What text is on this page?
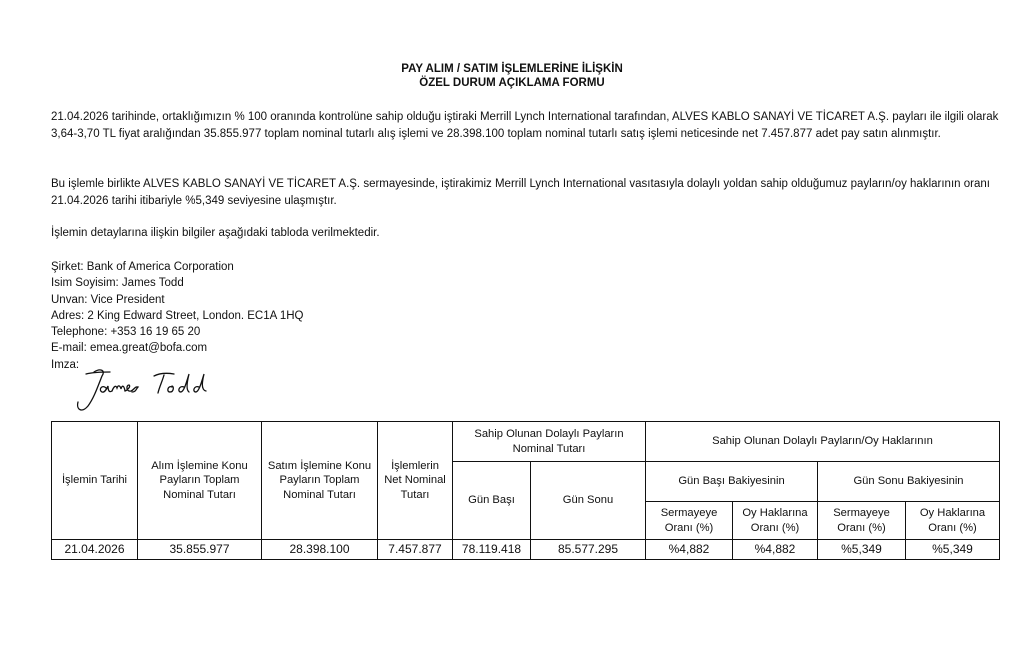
PAY ALIM / SATIM İŞLEMLERİNE İLİŞKİN
ÖZEL DURUM AÇIKLAMA FORMU
21.04.2026 tarihinde, ortaklığımızın % 100 oranında kontrolüne sahip olduğu iştiraki Merrill Lynch International tarafından, ALVES KABLO SANAYİ VE TİCARET A.Ş. payları ile ilgili olarak 3,64-3,70 TL fiyat aralığından 35.855.977 toplam nominal tutarlı alış işlemi ve 28.398.100 toplam nominal tutarlı satış işlemi neticesinde net 7.457.877 adet pay satın alınmıştır.
Bu işlemle birlikte ALVES KABLO SANAYİ VE TİCARET A.Ş. sermayesinde, iştirakimiz Merrill Lynch International vasıtasıyla dolaylı yoldan sahip olduğumuz payların/oy haklarının oranı 21.04.2026 tarihi itibariyle %5,349 seviyesine ulaşmıştır.
İşlemin detaylarına ilişkin bilgiler aşağıdaki tabloda verilmektedir.
Şirket: Bank of America Corporation
Isim Soyisim: James Todd
Unvan: Vice President
Adres: 2 King Edward Street, London. EC1A 1HQ
Telephone: +353 16 19 65 20
E-mail: emea.great@bofa.com
Imza:
İşlemin Tarihi	Alım İşlemine Konu Payların Toplam Nominal Tutarı	Satım İşlemine Konu Payların Toplam Nominal Tutarı	İşlemlerin Net Nominal Tutarı	Sahip Olunan Dolaylı Payların Nominal Tutarı		Sahip Olunan Dolaylı Payların/Oy Haklarının			
				Gün Başı	Gün Sonu	Gün Başı Bakiyesinin		Gün Sonu Bakiyesinin	
						Sermayeye Oranı (%)	Oy Haklarına Oranı (%)	Sermayeye Oranı (%)	Oy Haklarına Oranı (%)
21.04.2026	35.855.977	28.398.100	7.457.877	78.119.418	85.577.295	%4,882	%4,882	%5,349	%5,349
